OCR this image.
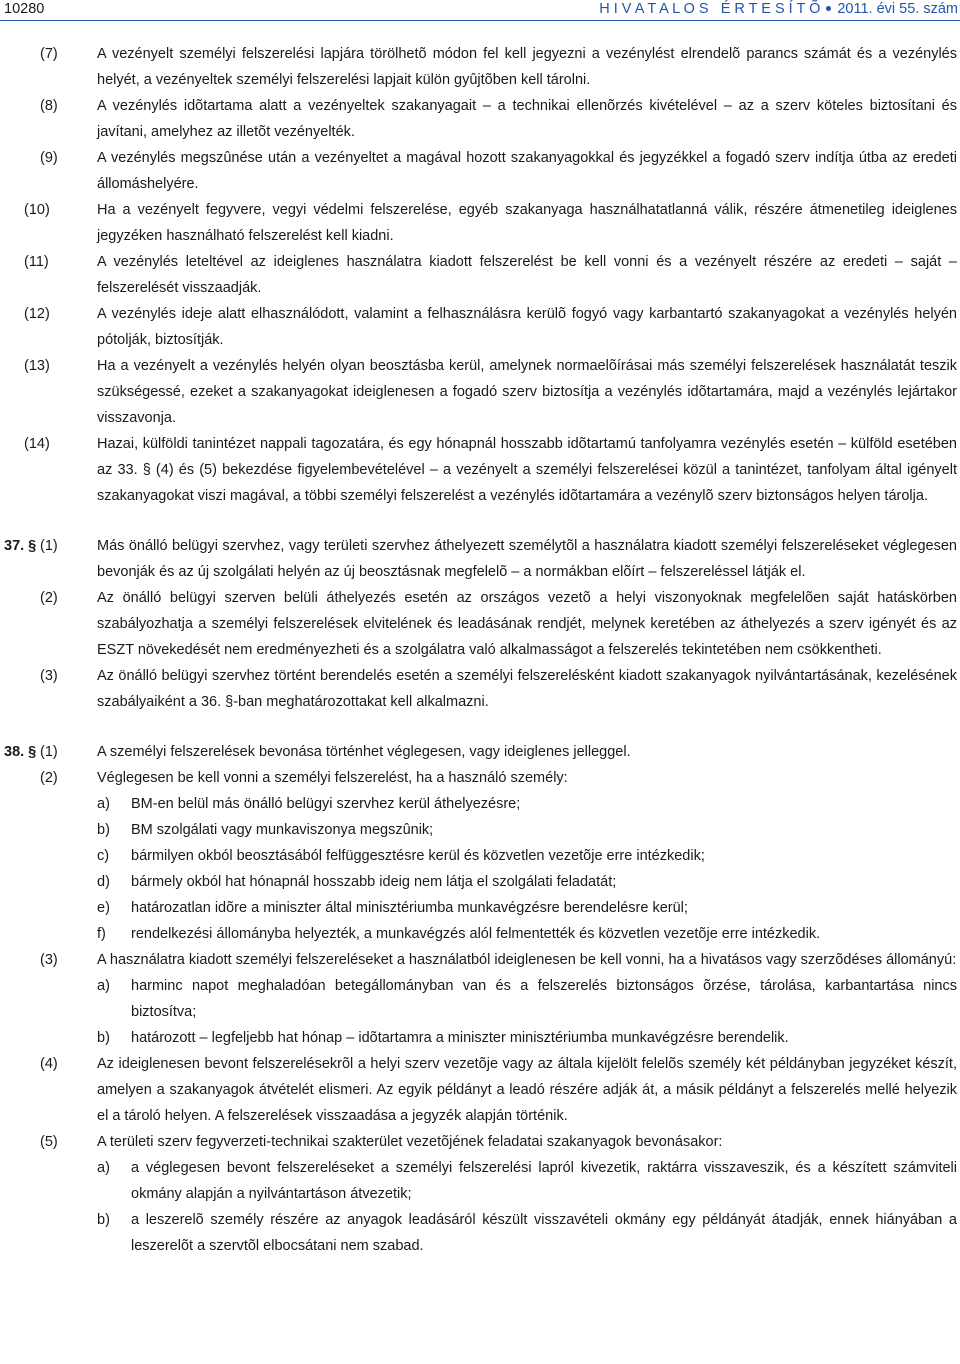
10280	H I V A T A L O S   É R T E S Í T Õ 2011. évi 55. szám
(7)	A vezényelt személyi felszerelési lapjára törölhetõ módon fel kell jegyezni a vezénylést elrendelõ parancs számát és a vezénylés helyét, a vezényeltek személyi felszerelési lapjait külön gyûjtõben kell tárolni.
(8)	A vezénylés idõtartama alatt a vezényeltek szakanyagait – a technikai ellenõrzés kivételével – az a szerv köteles biztosítani és javítani, amelyhez az illetõt vezényelték.
(9)	A vezénylés megszûnése után a vezényeltet a magával hozott szakanyagokkal és jegyzékkel a fogadó szerv indítja útba az eredeti állomáshelyére.
(10)	Ha a vezényelt fegyvere, vegyi védelmi felszerelése, egyéb szakanyaga használhatatlanná válik, részére átmenetileg ideiglenes jegyzéken használható felszerelést kell kiadni.
(11)	A vezénylés leteltével az ideiglenes használatra kiadott felszerelést be kell vonni és a vezényelt részére az eredeti – saját – felszerelését visszaadják.
(12)	A vezénylés ideje alatt elhasználódott, valamint a felhasználásra kerülõ fogyó vagy karbantartó szakanyagokat a vezénylés helyén pótolják, biztosítják.
(13)	Ha a vezényelt a vezénylés helyén olyan beosztásba kerül, amelynek normaelõírásai más személyi felszerelések használatát teszik szükségessé, ezeket a szakanyagokat ideiglenesen a fogadó szerv biztosítja a vezénylés idõtartamára, majd a vezénylés lejártakor visszavonja.
(14)	Hazai, külföldi tanintézet nappali tagozatára, és egy hónapnál hosszabb idõtartamú tanfolyamra vezénylés esetén – külföld esetében az 33. § (4) és (5) bekezdése figyelembevételével – a vezényelt a személyi felszerelései közül a tanintézet, tanfolyam által igényelt szakanyagokat viszi magával, a többi személyi felszerelést a vezénylés idõtartamára a vezénylõ szerv biztonságos helyen tárolja.
37. § (1)	Más önálló belügyi szervhez, vagy területi szervhez áthelyezett személytõl a használatra kiadott személyi felszereléseket véglegesen bevonják és az új szolgálati helyén az új beosztásnak megfelelõ – a normákban elõírt – felszereléssel látják el.
(2)	Az önálló belügyi szerven belüli áthelyezés esetén az országos vezetõ a helyi viszonyoknak megfelelõen saját hatáskörben szabályozhatja a személyi felszerelések elvitelének és leadásának rendjét, melynek keretében az áthelyezés a szerv igényét és az ESZT növekedését nem eredményezheti és a szolgálatra való alkalmasságot a felszerelés tekintetében nem csökkentheti.
(3)	Az önálló belügyi szervhez történt berendelés esetén a személyi felszerelésként kiadott szakanyagok nyilvántartásának, kezelésének szabályaiként a 36. §-ban meghatározottakat kell alkalmazni.
38. § (1)	A személyi felszerelések bevonása történhet véglegesen, vagy ideiglenes jelleggel.
(2)	Véglegesen be kell vonni a személyi felszerelést, ha a használó személy:
a) BM-en belül más önálló belügyi szervhez kerül áthelyezésre;
b) BM szolgálati vagy munkaviszonya megszûnik;
c) bármilyen okból beosztásából felfüggesztésre kerül és közvetlen vezetõje erre intézkedik;
d) bármely okból hat hónapnál hosszabb ideig nem látja el szolgálati feladatát;
e) határozatlan idõre a miniszter által minisztériumba munkavégzésre berendelésre kerül;
f) rendelkezési állományba helyezték, a munkavégzés alól felmentették és közvetlen vezetõje erre intézkedik.
(3)	A használatra kiadott személyi felszereléseket a használatból ideiglenesen be kell vonni, ha a hivatásos vagy szerzõdéses állományú:
a) harminc napot meghaladóan betegállományban van és a felszerelés biztonságos õrzése, tárolása, karbantartása nincs biztosítva;
b) határozott – legfeljebb hat hónap – idõtartamra a miniszter minisztériumba munkavégzésre berendelik.
(4)	Az ideiglenesen bevont felszerelésekrõl a helyi szerv vezetõje vagy az általa kijelölt felelõs személy két példányban jegyzéket készít, amelyen a szakanyagok átvételét elismeri. Az egyik példányt a leadó részére adják át, a másik példányt a felszerelés mellé helyezik el a tároló helyen. A felszerelések visszaadása a jegyzék alapján történik.
(5)	A területi szerv fegyverzeti-technikai szakterület vezetõjének feladatai szakanyagok bevonásakor:
a) a véglegesen bevont felszereléseket a személyi felszerelési lapról kivezetik, raktárra visszaveszik, és a készített számviteli okmány alapján a nyilvántartáson átvezetik;
b) a leszerelõ személy részére az anyagok leadásáról készült visszavételi okmány egy példányát átadják, ennek hiányában a leszerelõt a szervtõl elbocsátani nem szabad.
